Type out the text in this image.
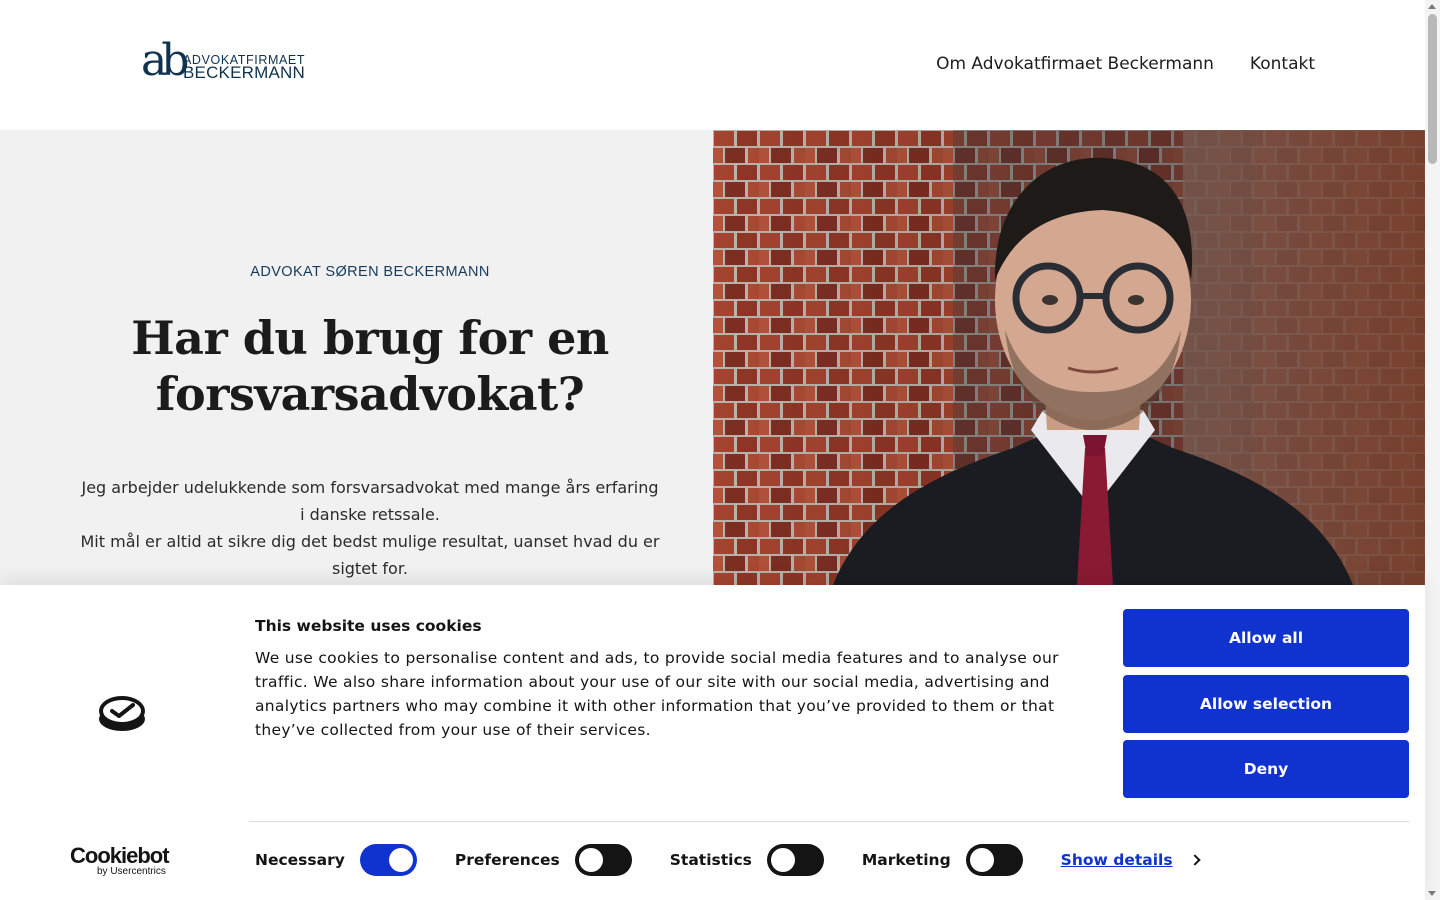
ab ADVOKATFIRMAET
BECKERMANN	Om Advokatfirmaet Beckermann Kontakt
ADVOKAT SØREN BECKERMANN
Har du brug for en forsvarsadvokat?

Jeg arbejder udelukkende som forsvarsadvokat med mange års erfaring i danske retssale.

Mit mål er altid at sikre dig det bedst mulige resultat, uanset hvad du er sigtet for.

This website uses cookies
We use cookies to personalise content and ads, to provide social media features and to analyse our traffic. We also share information about your use of our site with our social media, advertising and analytics partners who may combine it with other information that you’ve provided to them or that they’ve collected from your use of their services.
Allow all
Allow selection
Deny
Cookiebot
by Usercentrics
Necessary	Preferences	Statistics	Marketing	Show details
